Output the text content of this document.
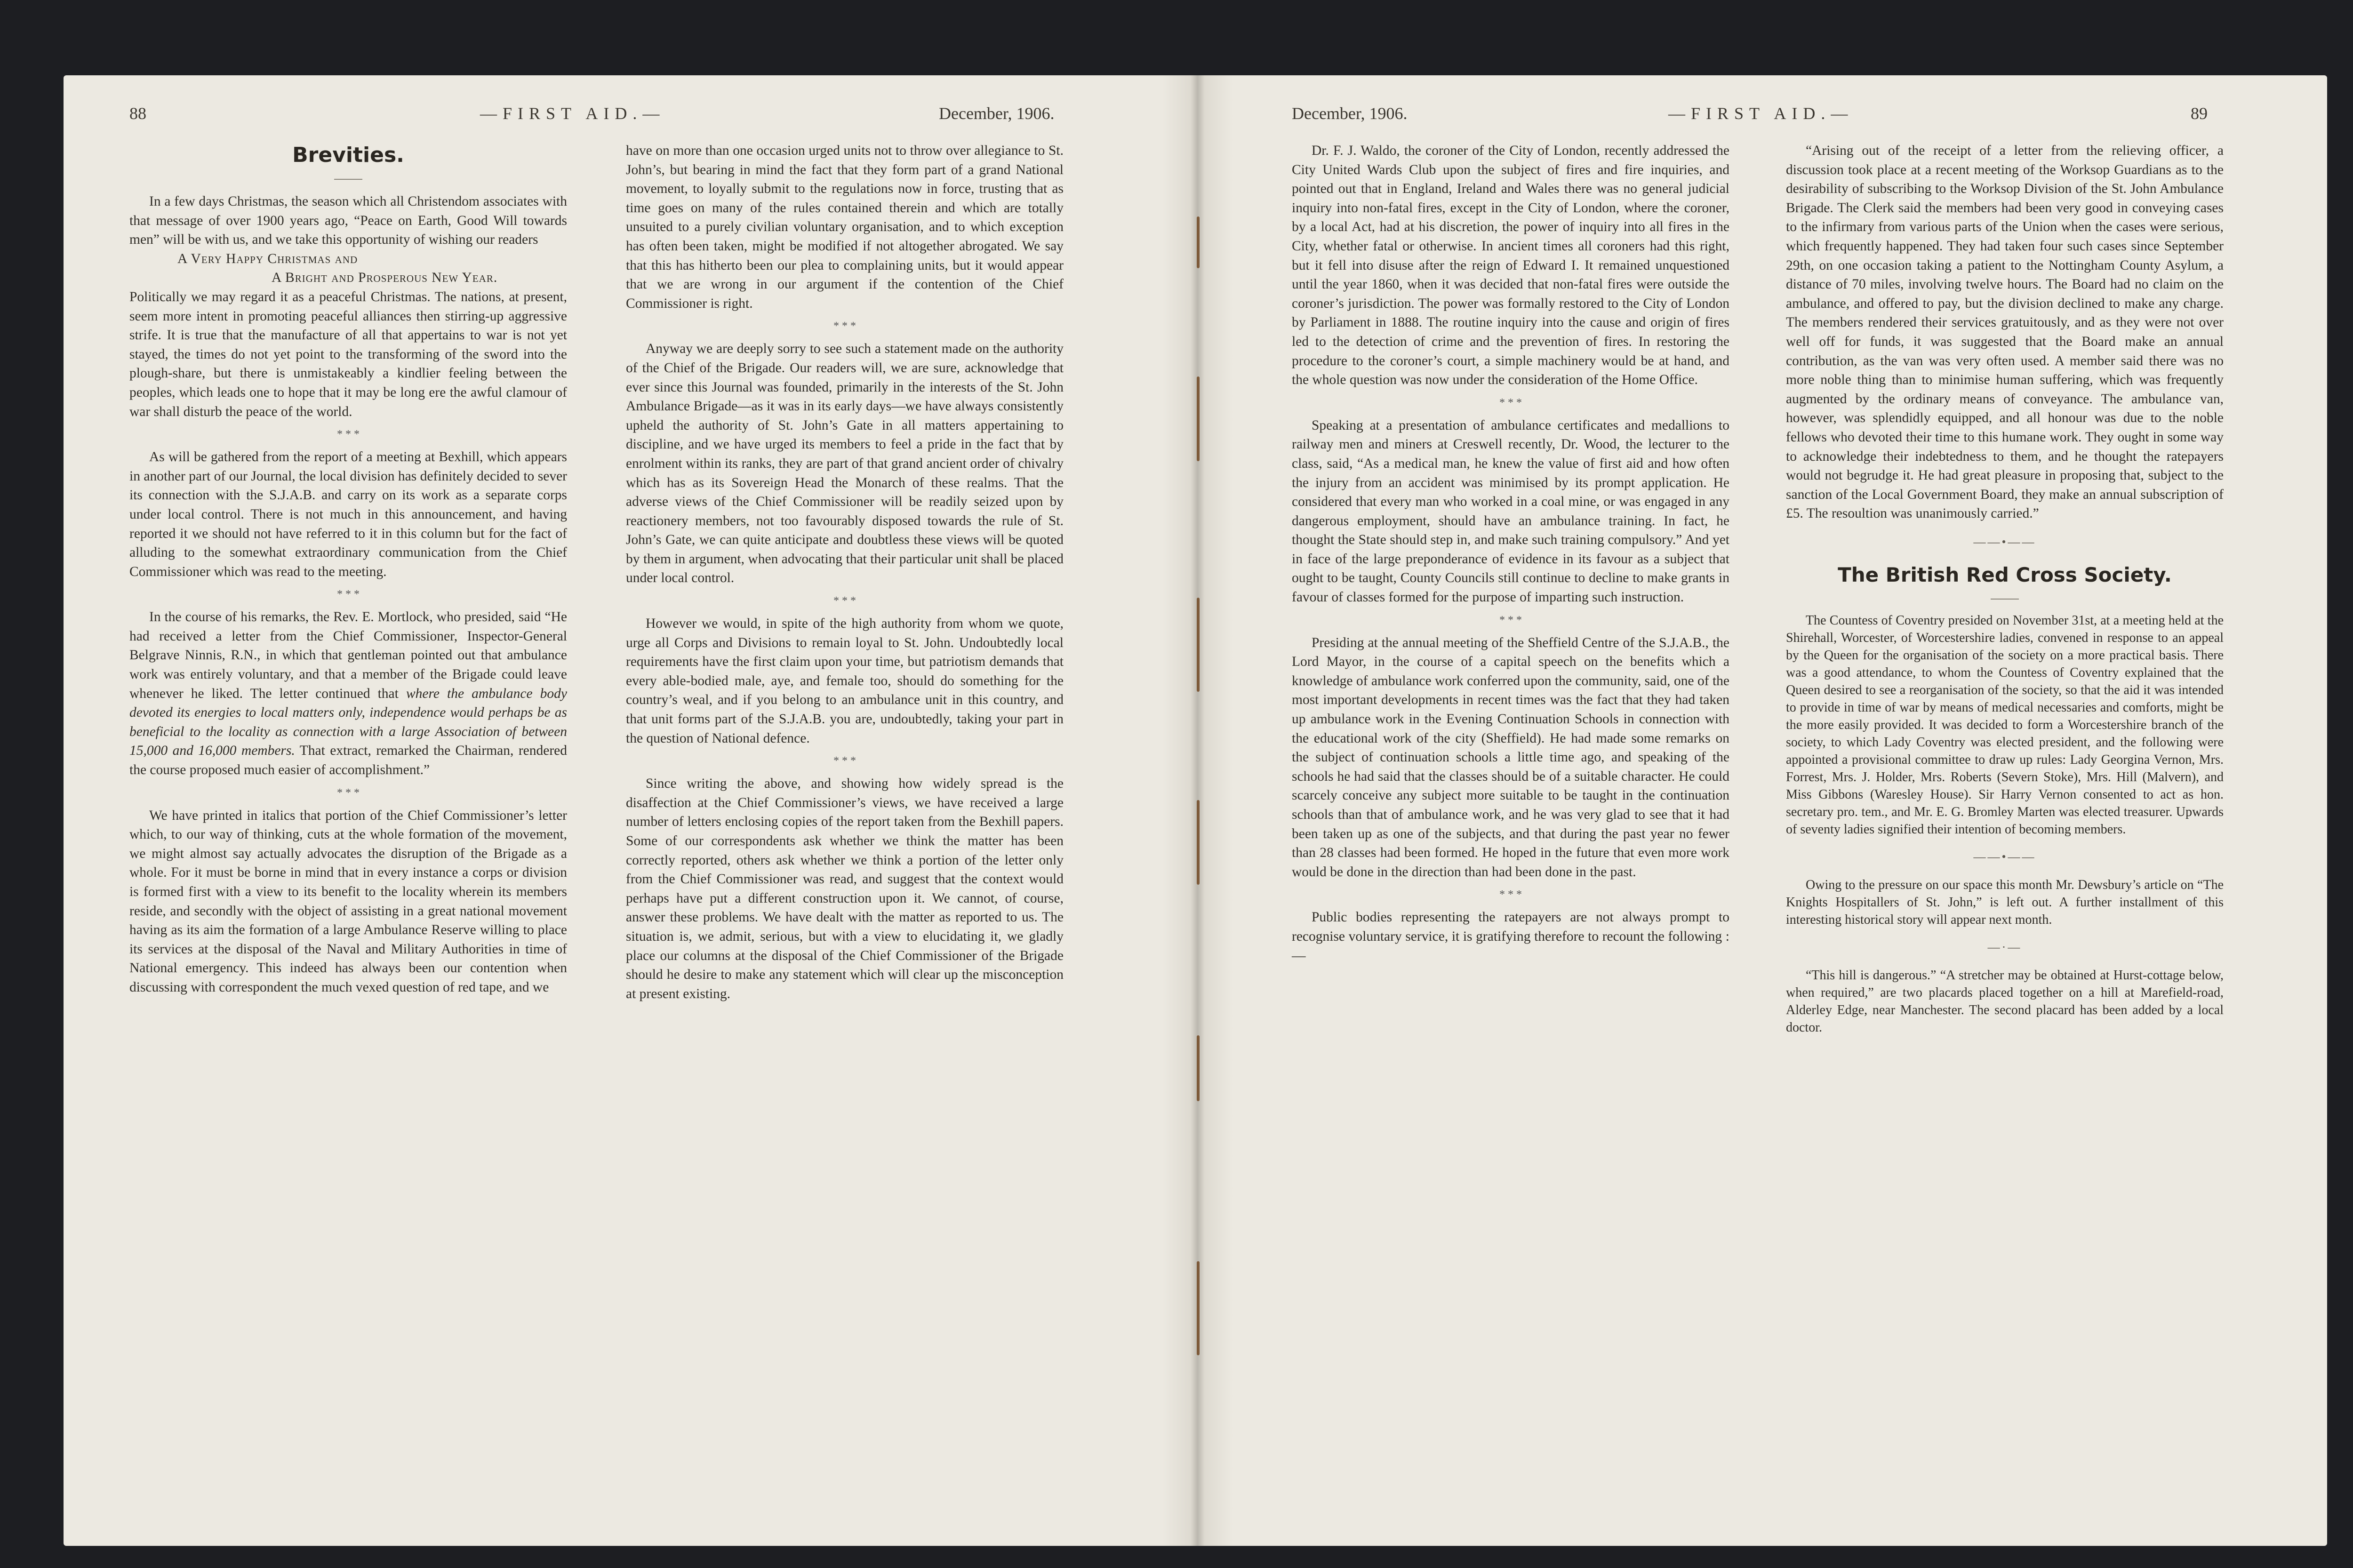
88	—FIRST AID.—	December, 1906.	December, 1906.	—FIRST AID.—	89
Brevities.

In a few days Christmas, the season which all Christendom associates with that message of over 1900 years ago, “Peace on Earth, Good Will towards men” will be with us, and we take this opportunity of wishing our readers

A Very Happy Christmas and

A Bright and Prosperous New Year.

Politically we may regard it as a peaceful Christmas. The nations, at present, seem more intent in promoting peaceful alliances then stirring-up aggressive strife. It is true that the manufacture of all that appertains to war is not yet stayed, the times do not yet point to the transforming of the sword into the plough-share, but there is unmistakeably a kindlier feeling between the peoples, which leads one to hope that it may be long ere the awful clamour of war shall disturb the peace of the world.

* * *

As will be gathered from the report of a meeting at Bexhill, which appears in another part of our Journal, the local division has definitely decided to sever its connection with the S.J.A.B. and carry on its work as a separate corps under local control. There is not much in this announcement, and having reported it we should not have referred to it in this column but for the fact of alluding to the somewhat extraordinary communication from the Chief Commissioner which was read to the meeting.

* * *

In the course of his remarks, the Rev. E. Mortlock, who presided, said “He had received a letter from the Chief Commissioner, Inspector-General Belgrave Ninnis, R.N., in which that gentleman pointed out that ambulance work was entirely voluntary, and that a member of the Brigade could leave whenever he liked. The letter continued that where the ambulance body devoted its energies to local matters only, independence would perhaps be as beneficial to the locality as connection with a large Association of between 15,000 and 16,000 members. That extract, remarked the Chairman, rendered the course proposed much easier of accomplishment.”

* * *

We have printed in italics that portion of the Chief Commissioner’s letter which, to our way of thinking, cuts at the whole formation of the movement, we might almost say actually advocates the disruption of the Brigade as a whole. For it must be borne in mind that in every instance a corps or division is formed first with a view to its benefit to the locality wherein its members reside, and secondly with the object of assisting in a great national movement having as its aim the formation of a large Ambulance Reserve willing to place its services at the disposal of the Naval and Military Authorities in time of National emergency. This indeed has always been our contention when discussing with correspondent the much vexed question of red tape, and we

have on more than one occasion urged units not to throw over allegiance to St. John’s, but bearing in mind the fact that they form part of a grand National movement, to loyally submit to the regulations now in force, trusting that as time goes on many of the rules contained therein and which are totally unsuited to a purely civilian voluntary organisation, and to which exception has often been taken, might be modified if not altogether abrogated. We say that this has hitherto been our plea to complaining units, but it would appear that we are wrong in our argument if the contention of the Chief Commissioner is right.

* * *

Anyway we are deeply sorry to see such a statement made on the authority of the Chief of the Brigade. Our readers will, we are sure, acknowledge that ever since this Journal was founded, primarily in the interests of the St. John Ambulance Brigade—as it was in its early days—we have always consistently upheld the authority of St. John’s Gate in all matters appertaining to discipline, and we have urged its members to feel a pride in the fact that by enrolment within its ranks, they are part of that grand ancient order of chivalry which has as its Sovereign Head the Monarch of these realms. That the adverse views of the Chief Commissioner will be readily seized upon by reactionery members, not too favourably disposed towards the rule of St. John’s Gate, we can quite anticipate and doubtless these views will be quoted by them in argument, when advocating that their particular unit shall be placed under local control.

* * *

However we would, in spite of the high authority from whom we quote, urge all Corps and Divisions to remain loyal to St. John. Undoubtedly local requirements have the first claim upon your time, but patriotism demands that every able-bodied male, aye, and female too, should do something for the country’s weal, and if you belong to an ambulance unit in this country, and that unit forms part of the S.J.A.B. you are, undoubtedly, taking your part in the question of National defence.

* * *

Since writing the above, and showing how widely spread is the disaffection at the Chief Commissioner’s views, we have received a large number of letters enclosing copies of the report taken from the Bexhill papers. Some of our correspondents ask whether we think the matter has been correctly reported, others ask whether we think a portion of the letter only from the Chief Commissioner was read, and suggest that the context would perhaps have put a different construction upon it. We cannot, of course, answer these problems. We have dealt with the matter as reported to us. The situation is, we admit, serious, but with a view to elucidating it, we gladly place our columns at the disposal of the Chief Commissioner of the Brigade should he desire to make any statement which will clear up the misconception at present existing.

Dr. F. J. Waldo, the coroner of the City of London, recently addressed the City United Wards Club upon the subject of fires and fire inquiries, and pointed out that in England, Ireland and Wales there was no general judicial inquiry into non-fatal fires, except in the City of London, where the coroner, by a local Act, had at his discretion, the power of inquiry into all fires in the City, whether fatal or otherwise. In ancient times all coroners had this right, but it fell into disuse after the reign of Edward I. It remained unquestioned until the year 1860, when it was decided that non-fatal fires were outside the coroner’s jurisdiction. The power was formally restored to the City of London by Parliament in 1888. The routine inquiry into the cause and origin of fires led to the detection of crime and the prevention of fires. In restoring the procedure to the coroner’s court, a simple machinery would be at hand, and the whole question was now under the consideration of the Home Office.

* * *

Speaking at a presentation of ambulance certificates and medallions to railway men and miners at Creswell recently, Dr. Wood, the lecturer to the class, said, “As a medical man, he knew the value of first aid and how often the injury from an accident was minimised by its prompt application. He considered that every man who worked in a coal mine, or was engaged in any dangerous employment, should have an ambulance training. In fact, he thought the State should step in, and make such training compulsory.” And yet in face of the large preponderance of evidence in its favour as a subject that ought to be taught, County Councils still continue to decline to make grants in favour of classes formed for the purpose of imparting such instruction.

* * *

Presiding at the annual meeting of the Sheffield Centre of the S.J.A.B., the Lord Mayor, in the course of a capital speech on the benefits which a knowledge of ambulance work conferred upon the community, said, one of the most important developments in recent times was the fact that they had taken up ambulance work in the Evening Continuation Schools in connection with the educational work of the city (Sheffield). He had made some remarks on the subject of continuation schools a little time ago, and speaking of the schools he had said that the classes should be of a suitable character. He could scarcely conceive any subject more suitable to be taught in the continuation schools than that of ambulance work, and he was very glad to see that it had been taken up as one of the subjects, and that during the past year no fewer than 28 classes had been formed. He hoped in the future that even more work would be done in the direction than had been done in the past.

* * *

Public bodies representing the ratepayers are not always prompt to recognise voluntary service, it is gratifying therefore to recount the following :—

“Arising out of the receipt of a letter from the relieving officer, a discussion took place at a recent meeting of the Worksop Guardians as to the desirability of subscribing to the Worksop Division of the St. John Ambulance Brigade. The Clerk said the members had been very good in conveying cases to the infirmary from various parts of the Union when the cases were serious, which frequently happened. They had taken four such cases since September 29th, on one occasion taking a patient to the Nottingham County Asylum, a distance of 70 miles, involving twelve hours. The Board had no claim on the ambulance, and offered to pay, but the division declined to make any charge. The members rendered their services gratuitously, and as they were not over well off for funds, it was suggested that the Board make an annual contribution, as the van was very often used. A member said there was no more noble thing than to minimise human suffering, which was frequently augmented by the ordinary means of conveyance. The ambulance van, however, was splendidly equipped, and all honour was due to the noble fellows who devoted their time to this humane work. They ought in some way to acknowledge their indebtedness to them, and he thought the ratepayers would not begrudge it. He had great pleasure in proposing that, subject to the sanction of the Local Government Board, they make an annual subscription of £5. The resoultion was unanimously carried.”

——•——
The British Red Cross Society.

The Countess of Coventry presided on November 31st, at a meeting held at the Shirehall, Worcester, of Worcestershire ladies, convened in response to an appeal by the Queen for the organisation of the society on a more practical basis. There was a good attendance, to whom the Countess of Coventry explained that the Queen desired to see a reorganisation of the society, so that the aid it was intended to provide in time of war by means of medical necessaries and comforts, might be the more easily provided. It was decided to form a Worcestershire branch of the society, to which Lady Coventry was elected president, and the following were appointed a provisional committee to draw up rules: Lady Georgina Vernon, Mrs. Forrest, Mrs. J. Holder, Mrs. Roberts (Severn Stoke), Mrs. Hill (Malvern), and Miss Gibbons (Waresley House). Sir Harry Vernon consented to act as hon. secretary pro. tem., and Mr. E. G. Bromley Marten was elected treasurer. Upwards of seventy ladies signified their intention of becoming members.

——•——

Owing to the pressure on our space this month Mr. Dewsbury’s article on “The Knights Hospitallers of St. John,” is left out. A further installment of this interesting historical story will appear next month.

—·—

“This hill is dangerous.” “A stretcher may be obtained at Hurst-cottage below, when required,” are two placards placed together on a hill at Marefield-road, Alderley Edge, near Manchester. The second placard has been added by a local doctor.
